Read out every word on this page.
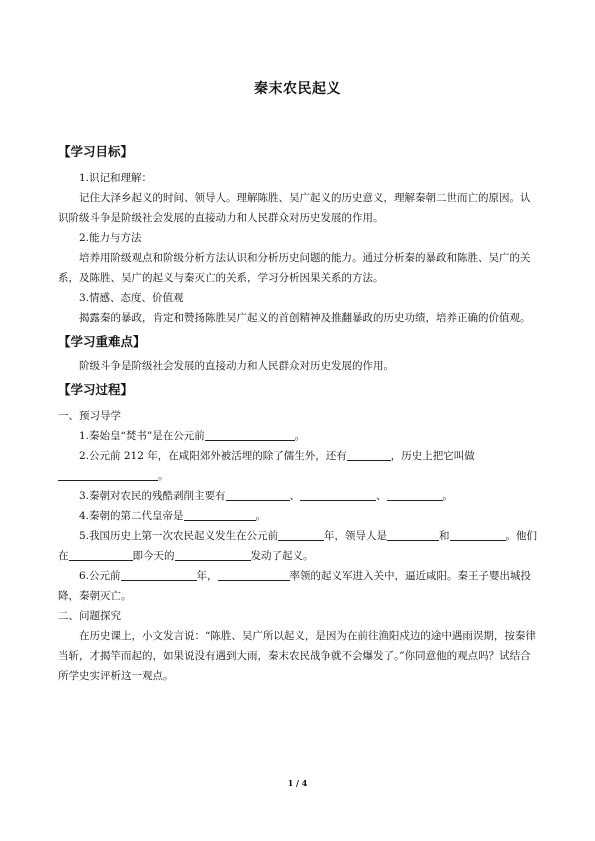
秦末农民起义
【学习目标】
1.识记和理解：
记住大泽乡起义的时间、领导人。理解陈胜、吴广起义的历史意义，理解秦朝二世而亡的原因。认识阶级斗争是阶级社会发展的直接动力和人民群众对历史发展的作用。
2.能力与方法
培养用阶级观点和阶级分析方法认识和分析历史问题的能力。通过分析秦的暴政和陈胜、吴广的关系，及陈胜、吴广的起义与秦灭亡的关系，学习分析因果关系的方法。
3.情感、态度、价值观
揭露秦的暴政，肯定和赞扬陈胜吴广起义的首创精神及推翻暴政的历史功绩，培养正确的价值观。
【学习重难点】
阶级斗争是阶级社会发展的直接动力和人民群众对历史发展的作用。
【学习过程】
一、预习导学
1.秦始皇“焚书”是在公元前	。
2.公元前 212 年，在咸阳郊外被活埋的除了儒生外，还有	，历史上把它叫做。
3.秦朝对农民的残酷剥削主要有	、	、	。
4.秦朝的第二代皇帝是	。
5.我国历史上第一次农民起义发生在公元前	年，领导人是	和	。他们在	即今天的	发动了起义。
6.公元前	年，	率领的起义军进入关中，逼近咸阳。秦王子婴出城投降，秦朝灭亡。
二、问题探究
在历史课上，小文发言说：“陈胜、吴广所以起义，是因为在前往渔阳戍边的途中遇雨误期，按秦律当斩，才揭竿而起的，如果说没有遇到大雨，秦末农民战争就不会爆发了。”你同意他的观点吗？试结合所学史实评析这一观点。
1 / 4
